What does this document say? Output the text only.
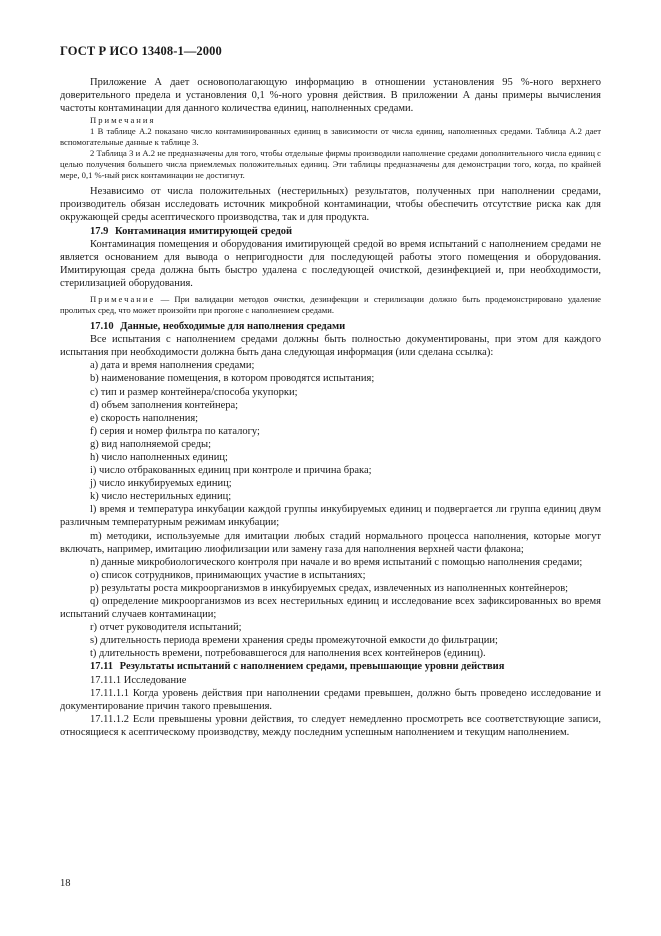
ГОСТ Р ИСО 13408-1—2000

Приложение А дает основополагающую информацию в отношении установления 95 %-ного верхнего доверительного предела и установления 0,1 %-ного уровня действия. В приложении А даны примеры вычисления частоты контаминации для данного количества единиц, наполненных средами.

Примечания

1 В таблице А.2 показано число контаминированных единиц в зависимости от числа единиц, наполненных средами. Таблица А.2 дает вспомогательные данные к таблице 3.

2 Таблица 3 и А.2 не предназначены для того, чтобы отдельные фирмы производили наполнение средами дополнительного числа единиц с целью получения большего числа приемлемых положительных единиц. Эти таблицы предназначены для демонстрации того, когда, по крайней мере, 0,1 %-ный риск контаминации не достигнут.

Независимо от числа положительных (нестерильных) результатов, полученных при наполнении средами, производитель обязан исследовать источник микробной контаминации, чтобы обеспечить отсутствие риска как для окружающей среды асептического производства, так и для продукта.

17.9 Контаминация имитирующей средой

Контаминация помещения и оборудования имитирующей средой во время испытаний с наполнением средами не является основанием для вывода о непригодности для последующей работы этого помещения и оборудования. Имитирующая среда должна быть быстро удалена с последующей очисткой, дезинфекцией и, при необходимости, стерилизацией оборудования.

Примечание — При валидации методов очистки, дезинфекции и стерилизации должно быть продемонстрировано удаление пролитых сред, что может произойти при прогоне с наполнением средами.

17.10 Данные, необходимые для наполнения средами

Все испытания с наполнением средами должны быть полностью документированы, при этом для каждого испытания при необходимости должна быть дана следующая информация (или сделана ссылка):

a) дата и время наполнения средами;

b) наименование помещения, в котором проводятся испытания;

c) тип и размер контейнера/способа укупорки;

d) объем заполнения контейнера;

e) скорость наполнения;

f) серия и номер фильтра по каталогу;

g) вид наполняемой среды;

h) число наполненных единиц;

i) число отбракованных единиц при контроле и причина брака;

j) число инкубируемых единиц;

k) число нестерильных единиц;

l) время и температура инкубации каждой группы инкубируемых единиц и подвергается ли группа единиц двум различным температурным режимам инкубации;

m) методики, используемые для имитации любых стадий нормального процесса наполнения, которые могут включать, например, имитацию лиофилизации или замену газа для наполнения верхней части флакона;

n) данные микробиологического контроля при начале и во время испытаний с помощью наполнения средами;

o) список сотрудников, принимающих участие в испытаниях;

p) результаты роста микроорганизмов в инкубируемых средах, извлеченных из наполненных контейнеров;

q) определение микроорганизмов из всех нестерильных единиц и исследование всех зафиксированных во время испытаний случаев контаминации;

r) отчет руководителя испытаний;

s) длительность периода времени хранения среды промежуточной емкости до фильтрации;

t) длительность времени, потребовавшегося для наполнения всех контейнеров (единиц).

17.11 Результаты испытаний с наполнением средами, превышающие уровни действия

17.11.1 Исследование

17.11.1.1 Когда уровень действия при наполнении средами превышен, должно быть проведено исследование и документирование причин такого превышения.

17.11.1.2 Если превышены уровни действия, то следует немедленно просмотреть все соответствующие записи, относящиеся к асептическому производству, между последним успешным наполнением и текущим наполнением.

18
